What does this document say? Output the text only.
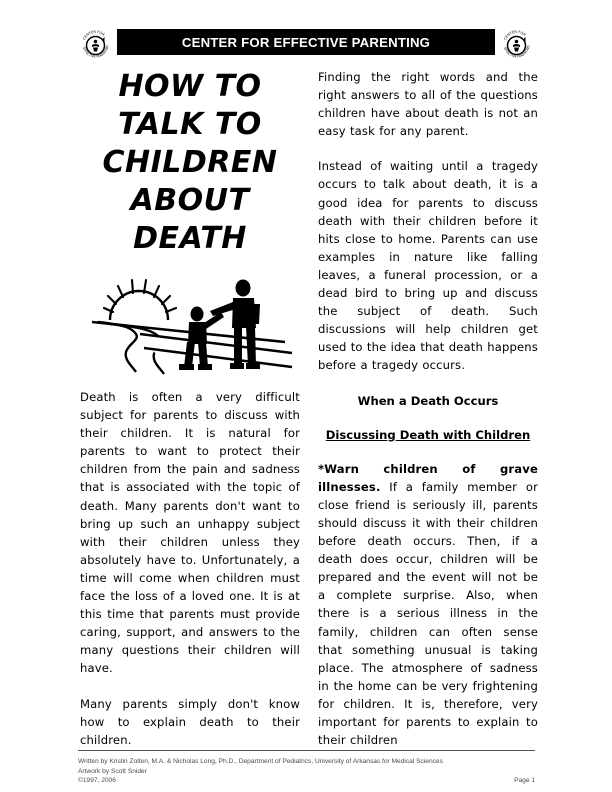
CENTER FOR
EFFECTIVE PARENTING	CENTER FOR EFFECTIVE PARENTING	CENTER FOR
EFFECTIVE PARENTING
HOW TO
TALK TO
CHILDREN
ABOUT
DEATH

Death is often a very difficult subject for parents to discuss with their children. It is natural for parents to want to protect their children from the pain and sadness that is associated with the topic of death. Many parents don't want to bring up such an unhappy subject with their children unless they absolutely have to. Unfortunately, a time will come when children must face the loss of a loved one. It is at this time that parents must provide caring, support, and answers to the many questions their children will have.

Many parents simply don't know how to explain death to their children.

Finding the right words and the right answers to all of the questions children have about death is not an easy task for any parent.

Instead of waiting until a tragedy occurs to talk about death, it is a good idea for parents to discuss death with their children before it hits close to home. Parents can use examples in nature like falling leaves, a funeral procession, or a dead bird to bring up and discuss the subject of death. Such discussions will help children get used to the idea that death happens before a tragedy occurs.

When a Death Occurs
Discussing Death with Children

*Warn children of grave illnesses. If a family member or close friend is seriously ill, parents should discuss it with their children before death occurs. Then, if a death does occur, children will be prepared and the event will not be a complete surprise. Also, when there is a serious illness in the family, children can often sense that something unusual is taking place. The atmosphere of sadness in the home can be very frightening for children. It is, therefore, very important for parents to explain to their children

Written by Kristin Zolten, M.A. & Nicholas Long, Ph.D., Department of Pediatrics, University of Arkansas for Medical Sciences
Artwork by Scott Snider
©1997, 2006	Page 1
